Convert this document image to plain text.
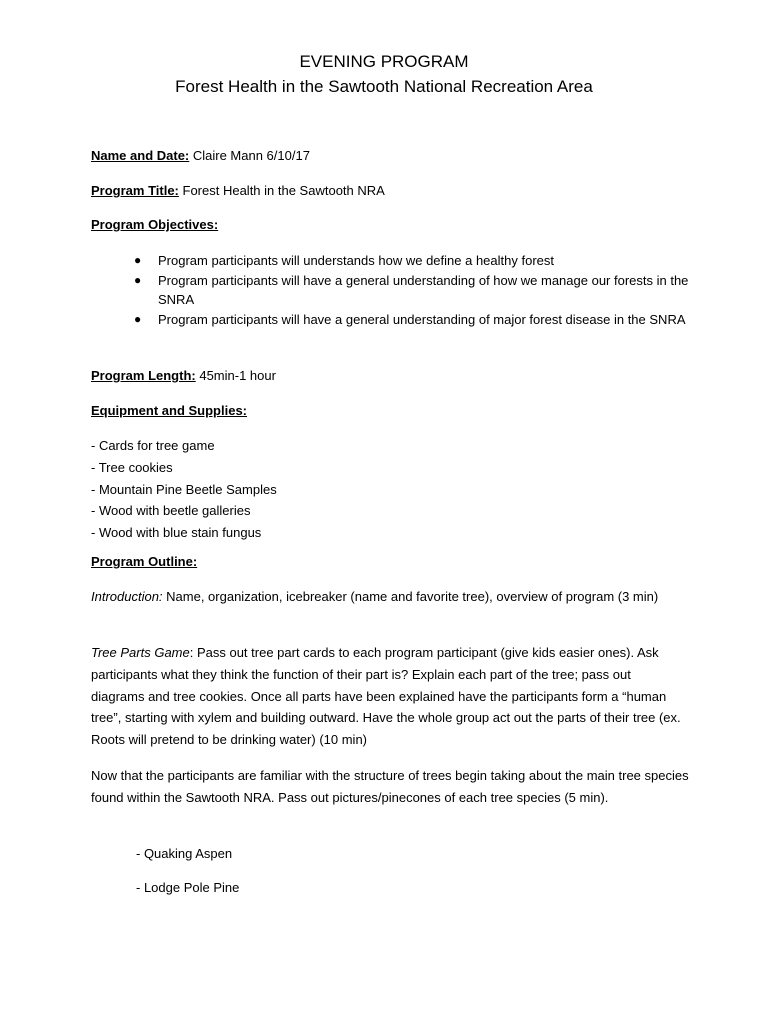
EVENING PROGRAM
Forest Health in the Sawtooth National Recreation Area
Name and Date: Claire Mann 6/10/17
Program Title: Forest Health in the Sawtooth NRA
Program Objectives:
● Program participants will understands how we define a healthy forest
● Program participants will have a general understanding of how we manage our forests in the SNRA
● Program participants will have a general understanding of major forest disease in the SNRA
Program Length: 45min-1 hour
Equipment and Supplies:
- Cards for tree game
- Tree cookies
- Mountain Pine Beetle Samples
- Wood with beetle galleries
- Wood with blue stain fungus
Program Outline:

Introduction: Name, organization, icebreaker (name and favorite tree), overview of program (3 min)

Tree Parts Game: Pass out tree part cards to each program participant (give kids easier ones). Ask participants what they think the function of their part is? Explain each part of the tree; pass out diagrams and tree cookies. Once all parts have been explained have the participants form a “human tree”, starting with xylem and building outward. Have the whole group act out the parts of their tree (ex. Roots will pretend to be drinking water) (10 min)

Now that the participants are familiar with the structure of trees begin taking about the main tree species found within the Sawtooth NRA. Pass out pictures/pinecones of each tree species (5 min).

- Quaking Aspen
- Lodge Pole Pine
